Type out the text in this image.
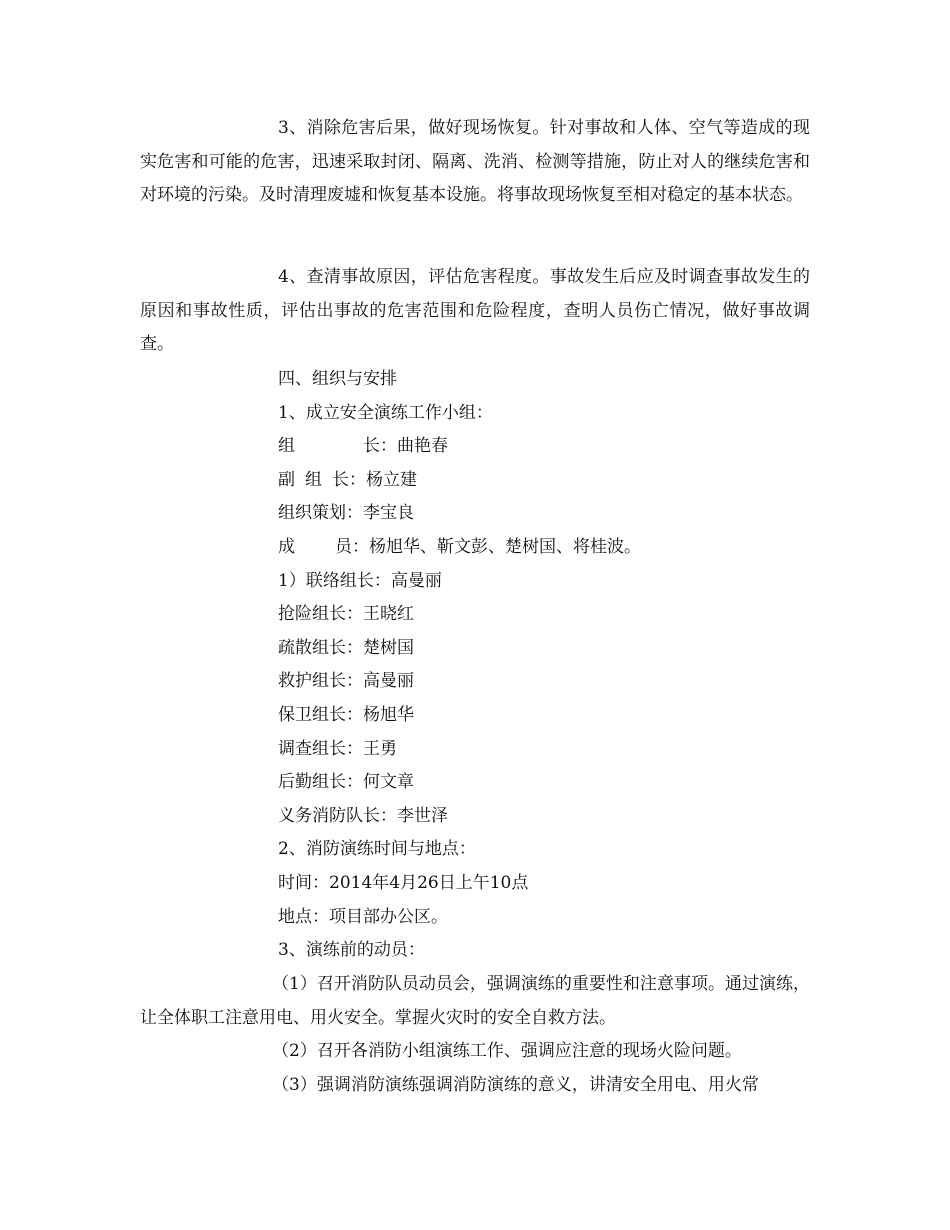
3、消除危害后果，做好现场恢复。针对事故和人体、空气等造成的现实危害和可能的危害，迅速采取封闭、隔离、洗消、检测等措施，防止对人的继续危害和对环境的污染。及时清理废墟和恢复基本设施。将事故现场恢复至相对稳定的基本状态。

4、查清事故原因，评估危害程度。事故发生后应及时调查事故发生的原因和事故性质，评估出事故的危害范围和危险程度，查明人员伤亡情况，做好事故调查。

四、组织与安排

1、成立安全演练工作小组：

组	长：曲艳春

副 组 长：杨立建

组织策划：李宝良

成 员：杨旭华、靳文彭、楚树国、将桂波。

1）联络组长：高曼丽

抢险组长：王晓红

疏散组长：楚树国

救护组长：高曼丽

保卫组长：杨旭华

调查组长：王勇

后勤组长：何文章

义务消防队长：李世泽

2、消防演练时间与地点：

时间：2014年4月26日上午10点

地点：项目部办公区。

3、演练前的动员：

（1）召开消防队员动员会，强调演练的重要性和注意事项。通过演练，让全体职工注意用电、用火安全。掌握火灾时的安全自救方法。

（2）召开各消防小组演练工作、强调应注意的现场火险问题。

（3）强调消防演练强调消防演练的意义，讲清安全用电、用火常
